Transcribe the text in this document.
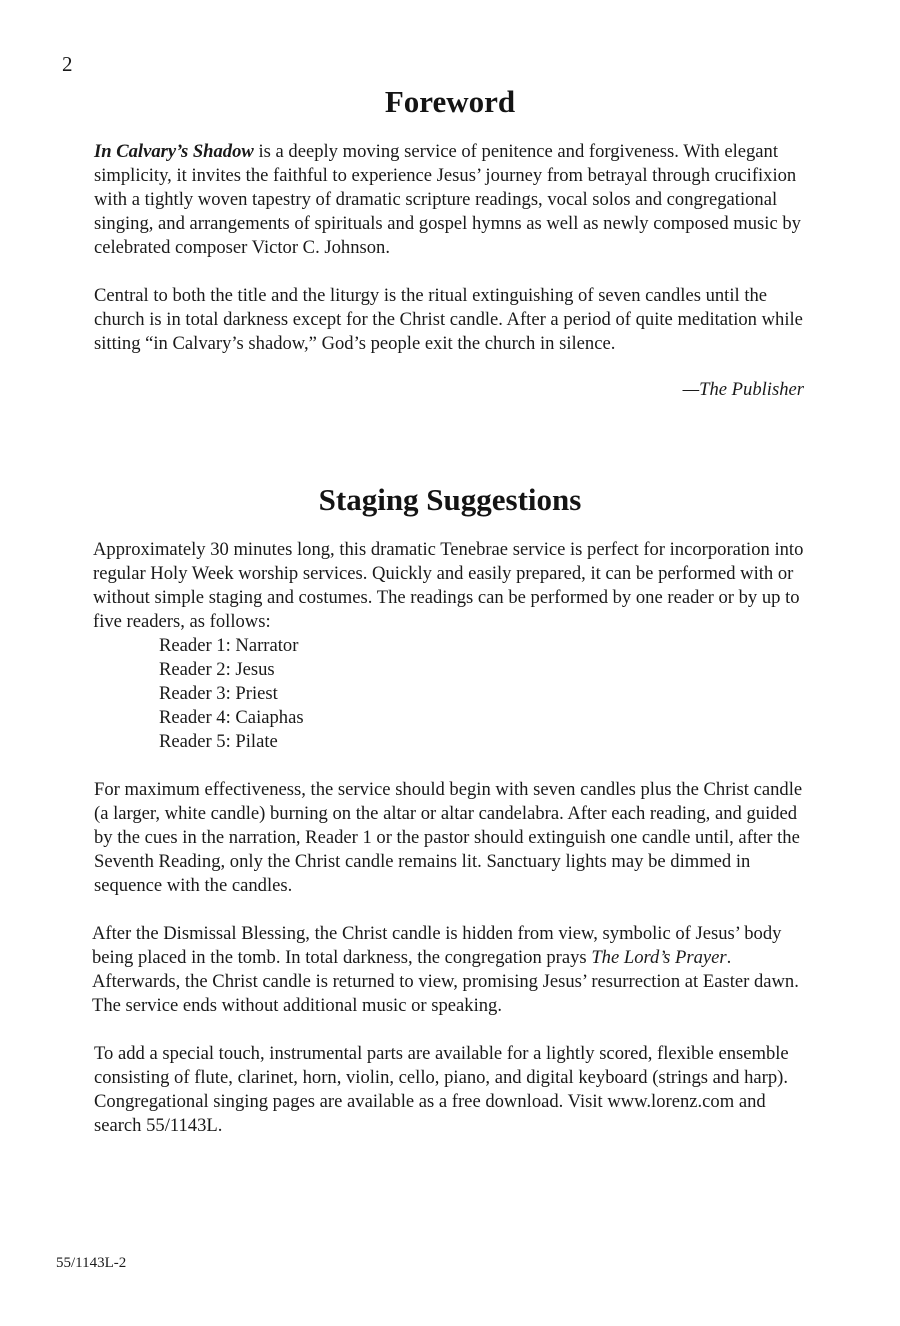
2
Foreword

In Calvary’s Shadow is a deeply moving service of penitence and forgiveness. With elegant simplicity, it invites the faithful to experience Jesus’ journey from betrayal through crucifixion with a tightly woven tapestry of dramatic scripture readings, vocal solos and congregational singing, and arrangements of spirituals and gospel hymns as well as newly composed music by celebrated composer Victor C. Johnson.

Central to both the title and the liturgy is the ritual extinguishing of seven candles until the church is in total darkness except for the Christ candle. After a period of quite meditation while sitting “in Calvary’s shadow,” God’s people exit the church in silence.

—The Publisher

Staging Suggestions

Approximately 30 minutes long, this dramatic Tenebrae service is perfect for incorporation into regular Holy Week worship services. Quickly and easily prepared, it can be performed with or without simple staging and costumes. The readings can be performed by one reader or by up to five readers, as follows:

Reader 1: Narrator
Reader 2: Jesus
Reader 3: Priest
Reader 4: Caiaphas
Reader 5: Pilate

For maximum effectiveness, the service should begin with seven candles plus the Christ candle (a larger, white candle) burning on the altar or altar candelabra. After each reading, and guided by the cues in the narration, Reader 1 or the pastor should extinguish one candle until, after the Seventh Reading, only the Christ candle remains lit. Sanctuary lights may be dimmed in sequence with the candles.

After the Dismissal Blessing, the Christ candle is hidden from view, symbolic of Jesus’ body being placed in the tomb. In total darkness, the congregation prays The Lord’s Prayer. Afterwards, the Christ candle is returned to view, promising Jesus’ resurrection at Easter dawn. The service ends without additional music or speaking.

To add a special touch, instrumental parts are available for a lightly scored, flexible ensemble consisting of flute, clarinet, horn, violin, cello, piano, and digital keyboard (strings and harp). Congregational singing pages are available as a free download. Visit www.lorenz.com and search 55/1143L.

55/1143L-2
